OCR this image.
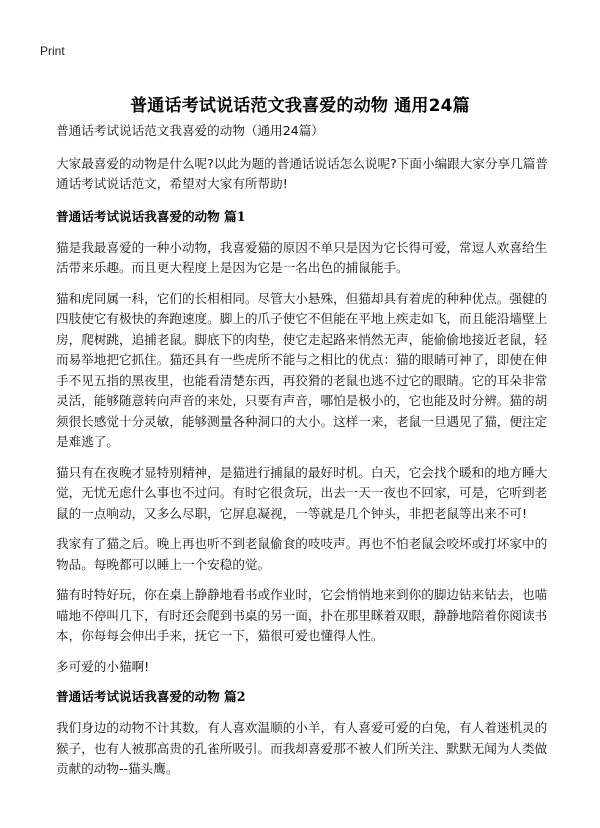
Print
普通话考试说话范文我喜爱的动物 通用24篇

普通话考试说话范文我喜爱的动物（通用24篇）

大家最喜爱的动物是什么呢?以此为题的普通话说话怎么说呢?下面小编跟大家分享几篇普通话考试说话范文，希望对大家有所帮助!

普通话考试说话我喜爱的动物 篇1

猫是我最喜爱的一种小动物，我喜爱猫的原因不单只是因为它长得可爱，常逗人欢喜给生活带来乐趣。而且更大程度上是因为它是一名出色的捕鼠能手。

猫和虎同属一科，它们的长相相同。尽管大小悬殊，但猫却具有着虎的种种优点。强健的四肢使它有极快的奔跑速度。脚上的爪子使它不但能在平地上疾走如飞，而且能沿墙壁上房，爬树跳，追捕老鼠。脚底下的肉垫，使它走起路来悄然无声，能偷偷地接近老鼠，轻而易举地把它抓住。猫还具有一些虎所不能与之相比的优点：猫的眼睛可神了，即使在伸手不见五指的黑夜里，也能看清楚东西，再狡猾的老鼠也逃不过它的眼睛。它的耳朵非常灵活，能够随意转向声音的来处，只要有声音，哪怕是极小的，它也能及时分辨。猫的胡须很长感觉十分灵敏，能够测量各种洞口的大小。这样一来，老鼠一旦遇见了猫，便注定是难逃了。

猫只有在夜晚才显特别精神，是猫进行捕鼠的最好时机。白天，它会找个暖和的地方睡大觉，无忧无虑什么事也不过问。有时它很贪玩，出去一天一夜也不回家，可是，它听到老鼠的一点响动，又多么尽职，它屏息凝视，一等就是几个钟头，非把老鼠等出来不可!

我家有了猫之后。晚上再也听不到老鼠偷食的吱吱声。再也不怕老鼠会咬坏或打坏家中的物品。每晚都可以睡上一个安稳的觉。

猫有时特好玩，你在桌上静静地看书或作业时，它会悄悄地来到你的脚边钻来钻去，也喵喵地不停叫几下，有时还会爬到书桌的另一面，扑在那里眯着双眼，静静地陪着你阅读书本，你每每会伸出手来，抚它一下，猫很可爱也懂得人性。

多可爱的小猫啊!

普通话考试说话我喜爱的动物 篇2

我们身边的动物不计其数，有人喜欢温顺的小羊，有人喜爱可爱的白兔，有人着迷机灵的猴子，也有人被那高贵的孔雀所吸引。而我却喜爱那不被人们所关注、默默无闻为人类做贡献的动物--猫头鹰。
